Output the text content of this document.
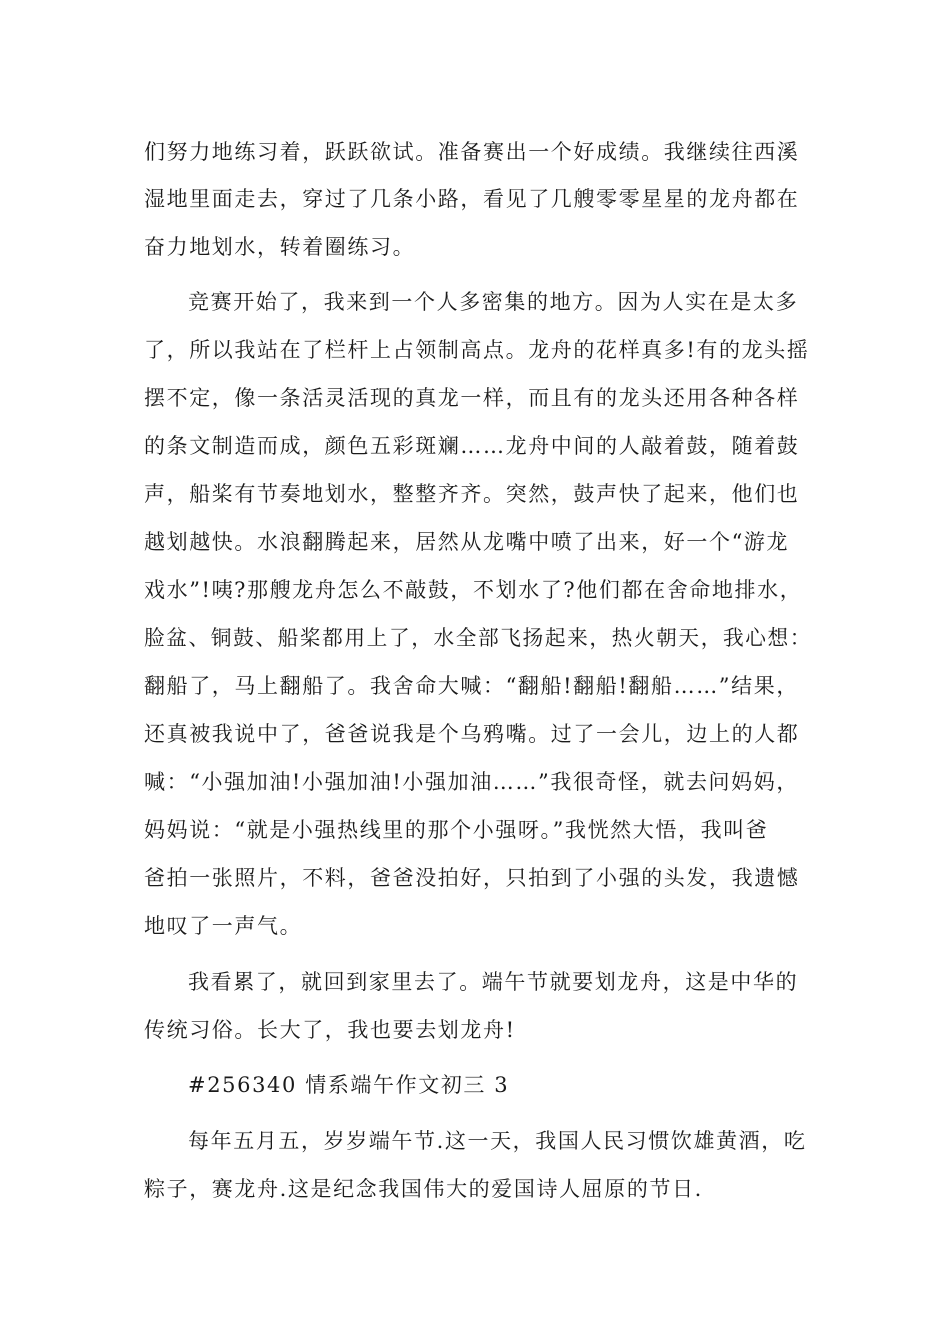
们努力地练习着，跃跃欲试。准备赛出一个好成绩。我继续往西溪

湿地里面走去，穿过了几条小路，看见了几艘零零星星的龙舟都在

奋力地划水，转着圈练习。

竞赛开始了，我来到一个人多密集的地方。因为人实在是太多

了，所以我站在了栏杆上占领制高点。龙舟的花样真多!有的龙头摇

摆不定，像一条活灵活现的真龙一样，而且有的龙头还用各种各样

的条文制造而成，颜色五彩斑斓……龙舟中间的人敲着鼓，随着鼓

声，船桨有节奏地划水，整整齐齐。突然，鼓声快了起来，他们也

越划越快。水浪翻腾起来，居然从龙嘴中喷了出来，好一个“游龙

戏水”!咦?那艘龙舟怎么不敲鼓，不划水了?他们都在舍命地排水，

脸盆、铜鼓、船桨都用上了，水全部飞扬起来，热火朝天，我心想：

翻船了，马上翻船了。我舍命大喊：“翻船!翻船!翻船……”结果，

还真被我说中了，爸爸说我是个乌鸦嘴。过了一会儿，边上的人都

喊：“小强加油!小强加油!小强加油……”我很奇怪，就去问妈妈，

妈妈说：“就是小强热线里的那个小强呀。”我恍然大悟，我叫爸

爸拍一张照片，不料，爸爸没拍好，只拍到了小强的头发，我遗憾

地叹了一声气。

我看累了，就回到家里去了。端午节就要划龙舟，这是中华的

传统习俗。长大了，我也要去划龙舟!

#256340 情系端午作文初三 3

每年五月五，岁岁端午节.这一天，我国人民习惯饮雄黄酒，吃

粽子，赛龙舟.这是纪念我国伟大的爱国诗人屈原的节日.
